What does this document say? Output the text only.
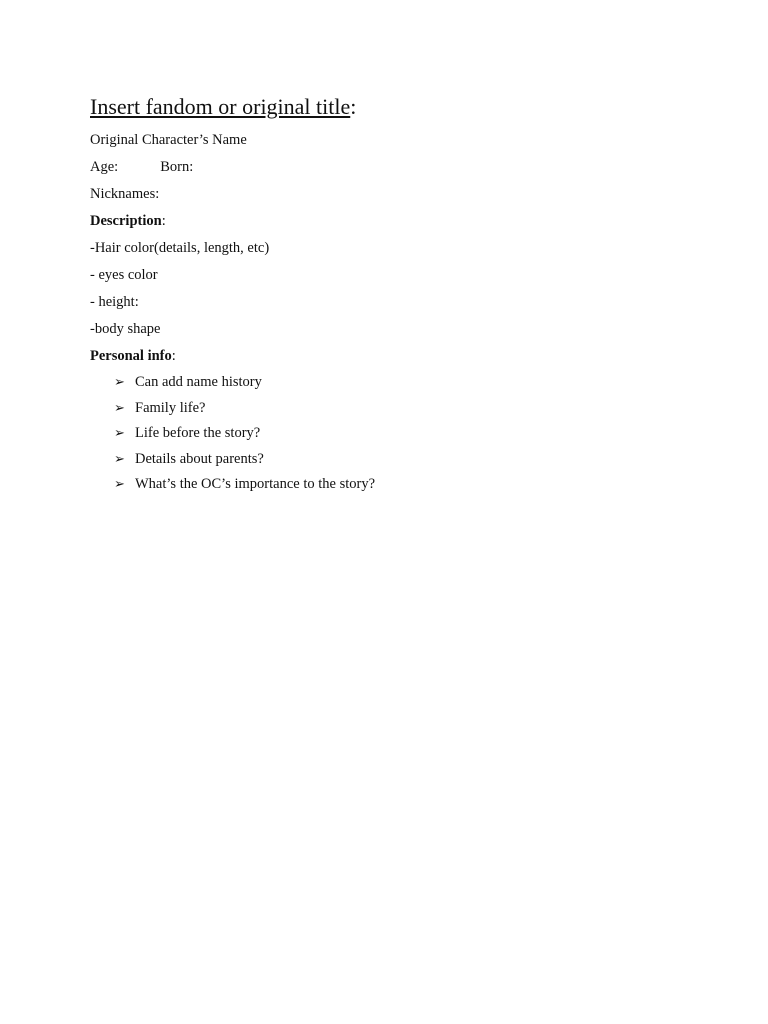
Insert fandom or original title:
Original Character’s Name
Age:	Born:
Nicknames:
Description:
-Hair color(details, length, etc)
- eyes color
- height:
-body shape
Personal info:
➢ Can add name history
➢ Family life?
➢ Life before the story?
➢ Details about parents?
➢ What’s the OC’s importance to the story?
